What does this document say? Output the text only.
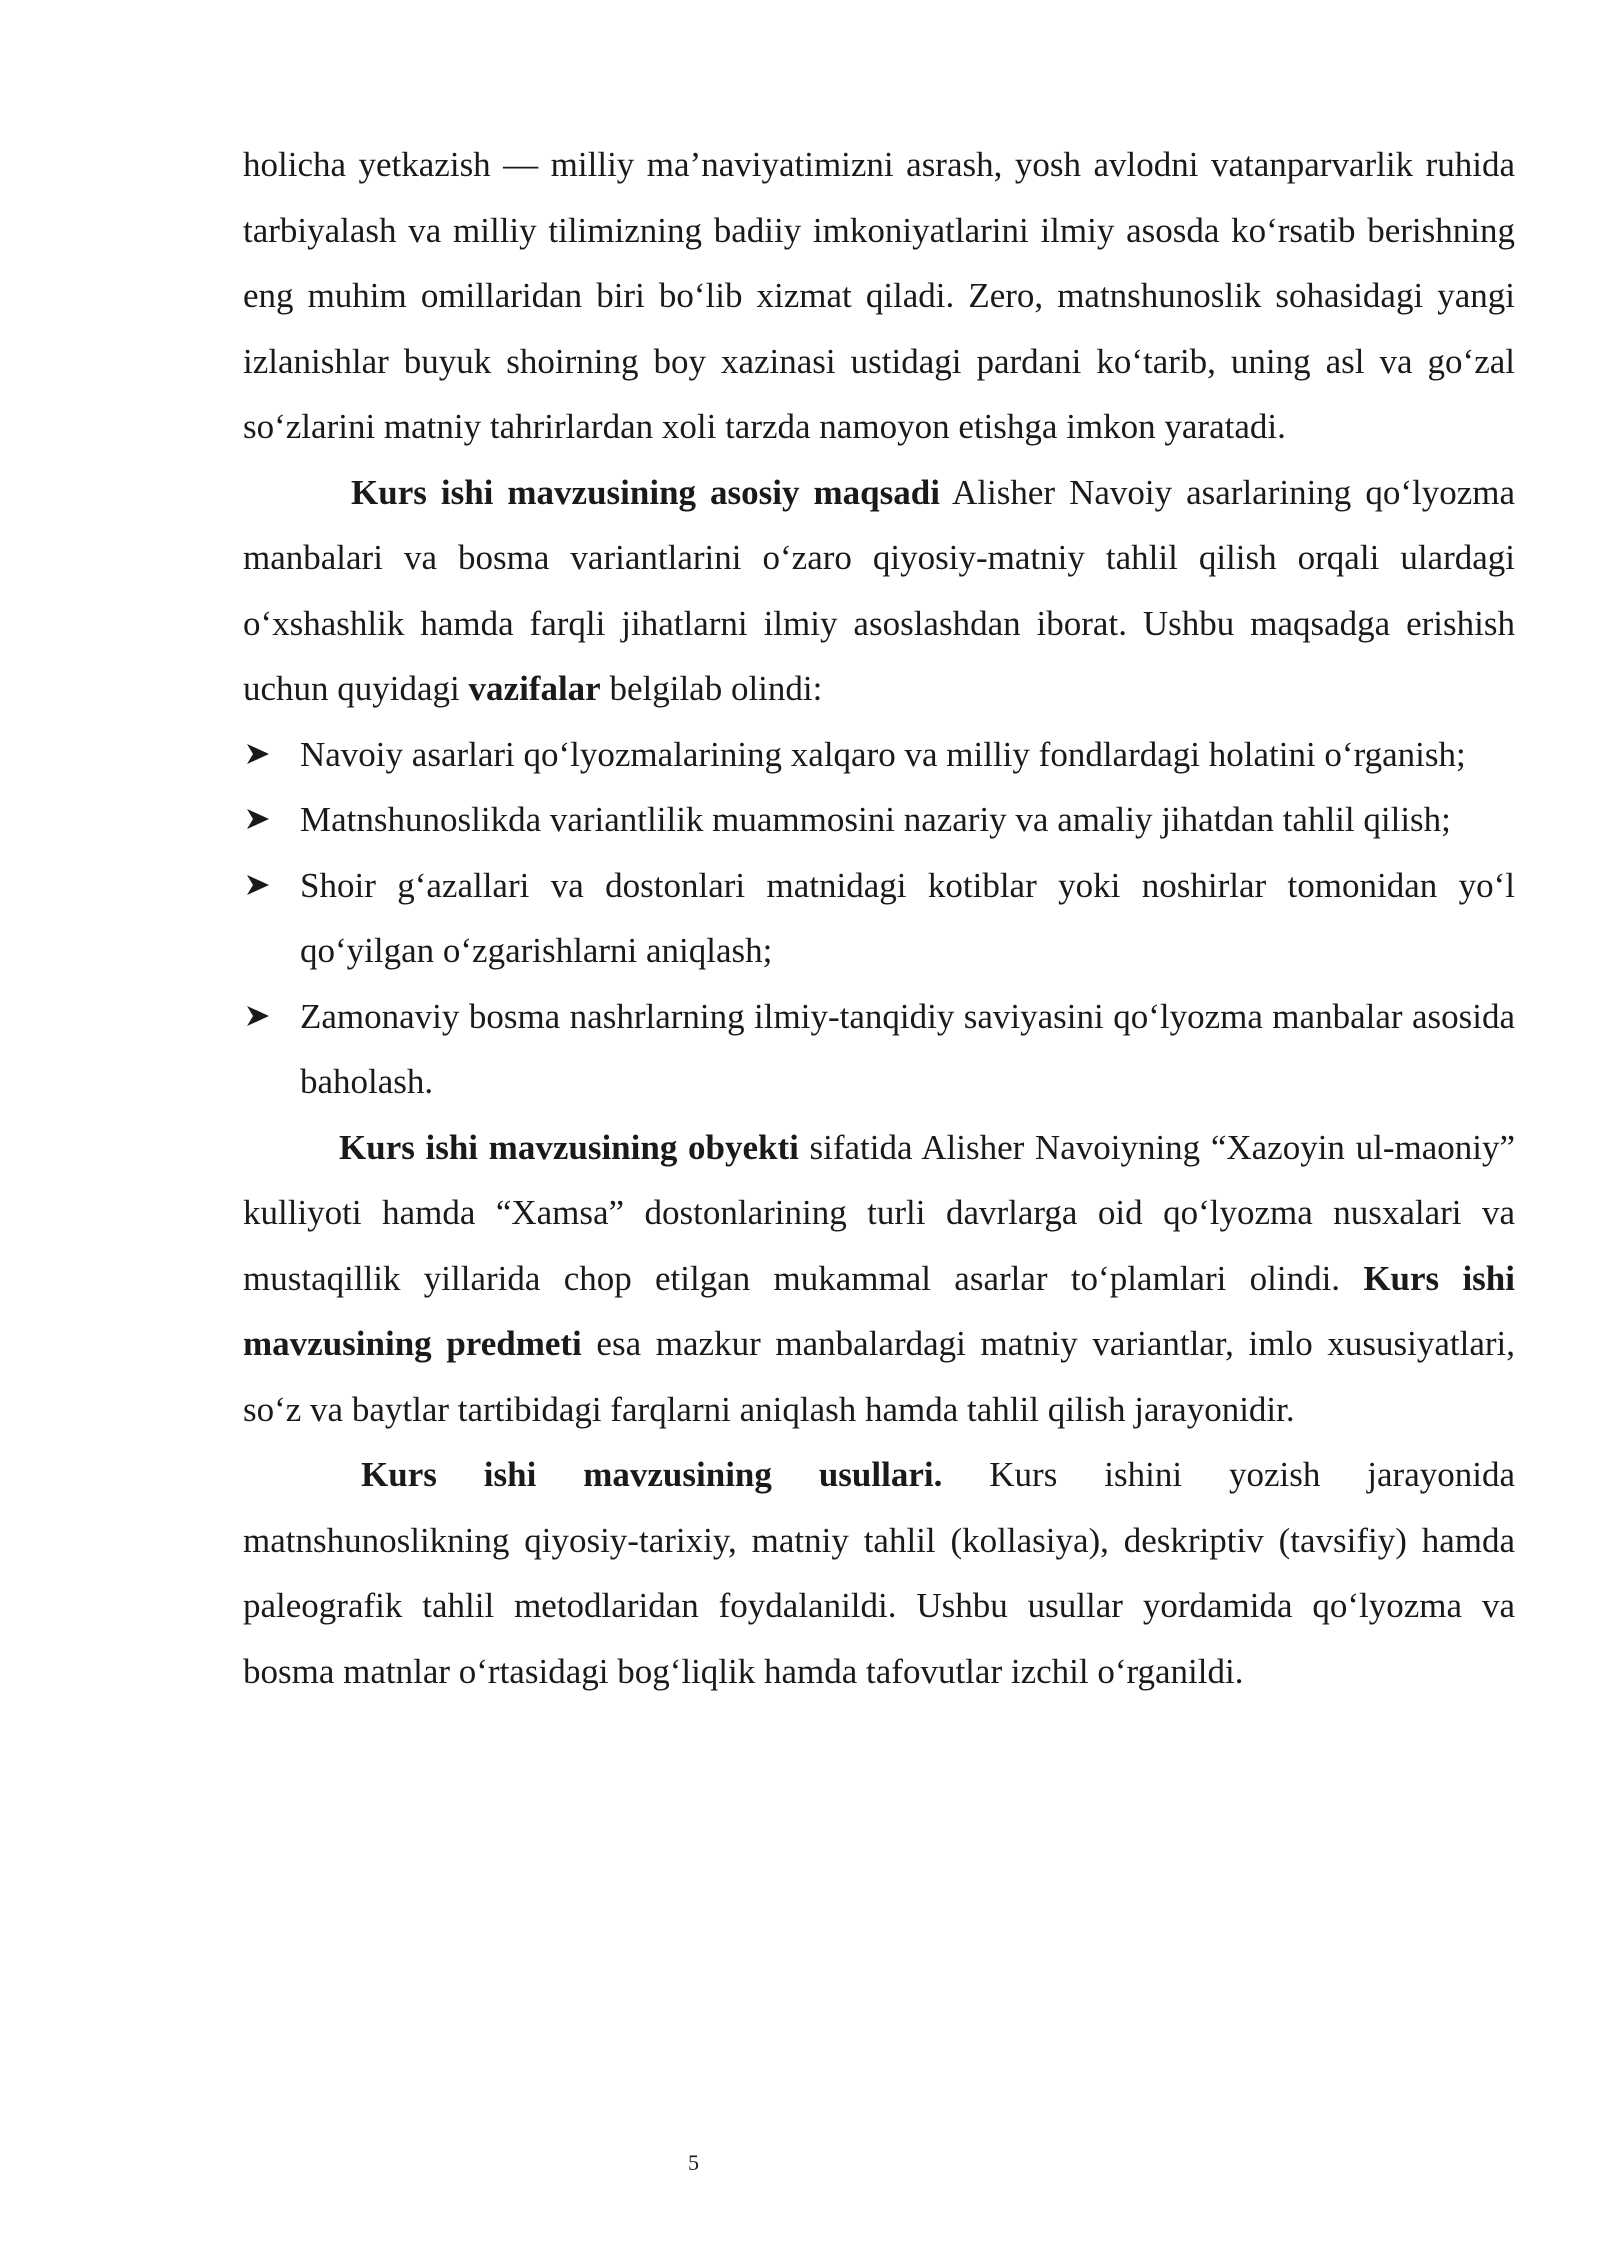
holicha yetkazish — milliy ma’naviyatimizni asrash, yosh avlodni vatanparvarlik ruhida tarbiyalash va milliy tilimizning badiiy imkoniyatlarini ilmiy asosda ko‘rsatib berishning eng muhim omillaridan biri bo‘lib xizmat qiladi. Zero, matnshunoslik sohasidagi yangi izlanishlar buyuk shoirning boy xazinasi ustidagi pardani ko‘tarib, uning asl va go‘zal so‘zlarini matniy tahrirlardan xoli tarzda namoyon etishga imkon yaratadi.

Kurs ishi mavzusining asosiy maqsadi Alisher Navoiy asarlarining qo‘lyozma manbalari va bosma variantlarini o‘zaro qiyosiy-matniy tahlil qilish orqali ulardagi o‘xshashlik hamda farqli jihatlarni ilmiy asoslashdan iborat. Ushbu maqsadga erishish uchun quyidagi vazifalar belgilab olindi:

Navoiy asarlari qo‘lyozmalarining xalqaro va milliy fondlardagi holatini o‘rganish;
Matnshunoslikda variantlilik muammosini nazariy va amaliy jihatdan tahlil qilish;
Shoir g‘azallari va dostonlari matnidagi kotiblar yoki noshirlar tomonidan yo‘l qo‘yilgan o‘zgarishlarni aniqlash;
Zamonaviy bosma nashrlarning ilmiy-tanqidiy saviyasini qo‘lyozma manbalar asosida baholash.

Kurs ishi mavzusining obyekti sifatida Alisher Navoiyning “Xazoyin ul-maoniy” kulliyoti hamda “Xamsa” dostonlarining turli davrlarga oid qo‘lyozma nusxalari va mustaqillik yillarida chop etilgan mukammal asarlar to‘plamlari olindi. Kurs ishi mavzusining predmeti esa mazkur manbalardagi matniy variantlar, imlo xususiyatlari, so‘z va baytlar tartibidagi farqlarni aniqlash hamda tahlil qilish jarayonidir.

Kurs ishi mavzusining usullari. Kurs ishini yozish jarayonida matnshunoslikning qiyosiy-tarixiy, matniy tahlil (kollasiya), deskriptiv (tavsifiy) hamda paleografik tahlil metodlaridan foydalanildi. Ushbu usullar yordamida qo‘lyozma va bosma matnlar o‘rtasidagi bog‘liqlik hamda tafovutlar izchil o‘rganildi.

5
